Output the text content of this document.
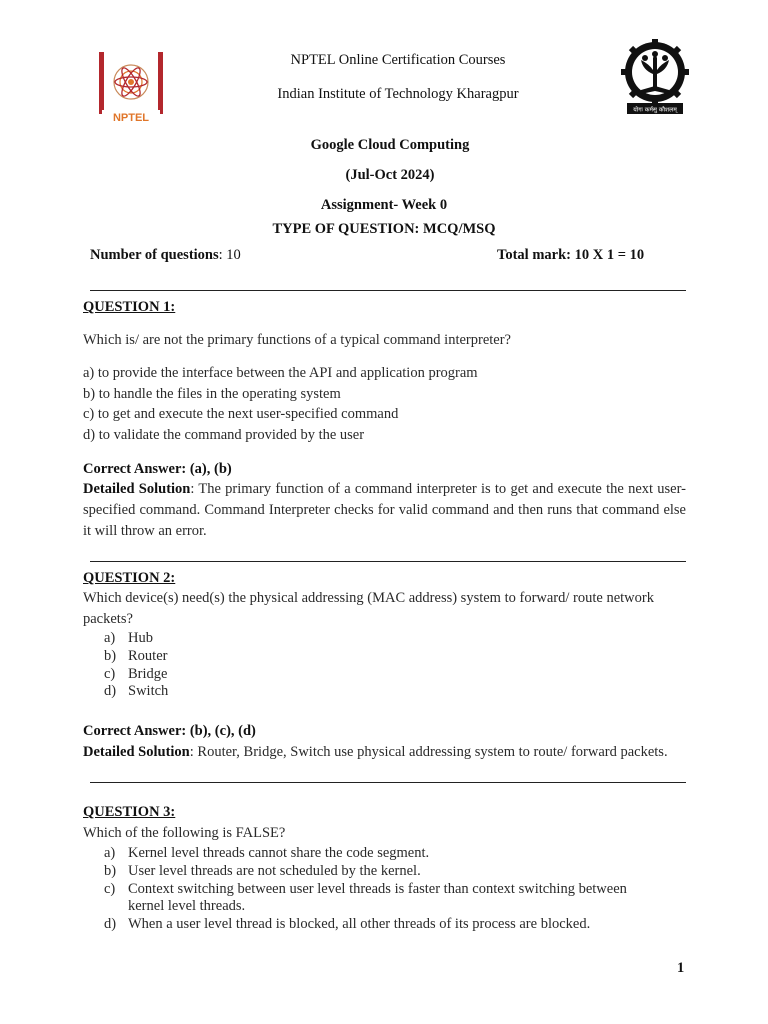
NPTEL
योगः कर्मसु कौशलम्
NPTEL Online Certification Courses
Indian Institute of Technology Kharagpur
Google Cloud Computing
(Jul-Oct 2024)
Assignment- Week 0
TYPE OF QUESTION: MCQ/MSQ
Number of questions: 10	Total mark: 10 X 1 = 10
QUESTION 1:
Which is/ are not the primary functions of a typical command interpreter?
a) to provide the interface between the API and application program
b) to handle the files in the operating system
c) to get and execute the next user-specified command
d) to validate the command provided by the user
Correct Answer: (a), (b)
Detailed Solution: The primary function of a command interpreter is to get and execute the next user-specified command. Command Interpreter checks for valid command and then runs that command else it will throw an error.
QUESTION 2:
Which device(s) need(s) the physical addressing (MAC address) system to forward/ route network
packets?
a) Hub
b) Router
c) Bridge
d) Switch
Correct Answer: (b), (c), (d)
Detailed Solution: Router, Bridge, Switch use physical addressing system to route/ forward packets.
QUESTION 3:
Which of the following is FALSE?
a) Kernel level threads cannot share the code segment.
b) User level threads are not scheduled by the kernel.
c) Context switching between user level threads is faster than context switching between
kernel level threads.
d) When a user level thread is blocked, all other threads of its process are blocked.
1
